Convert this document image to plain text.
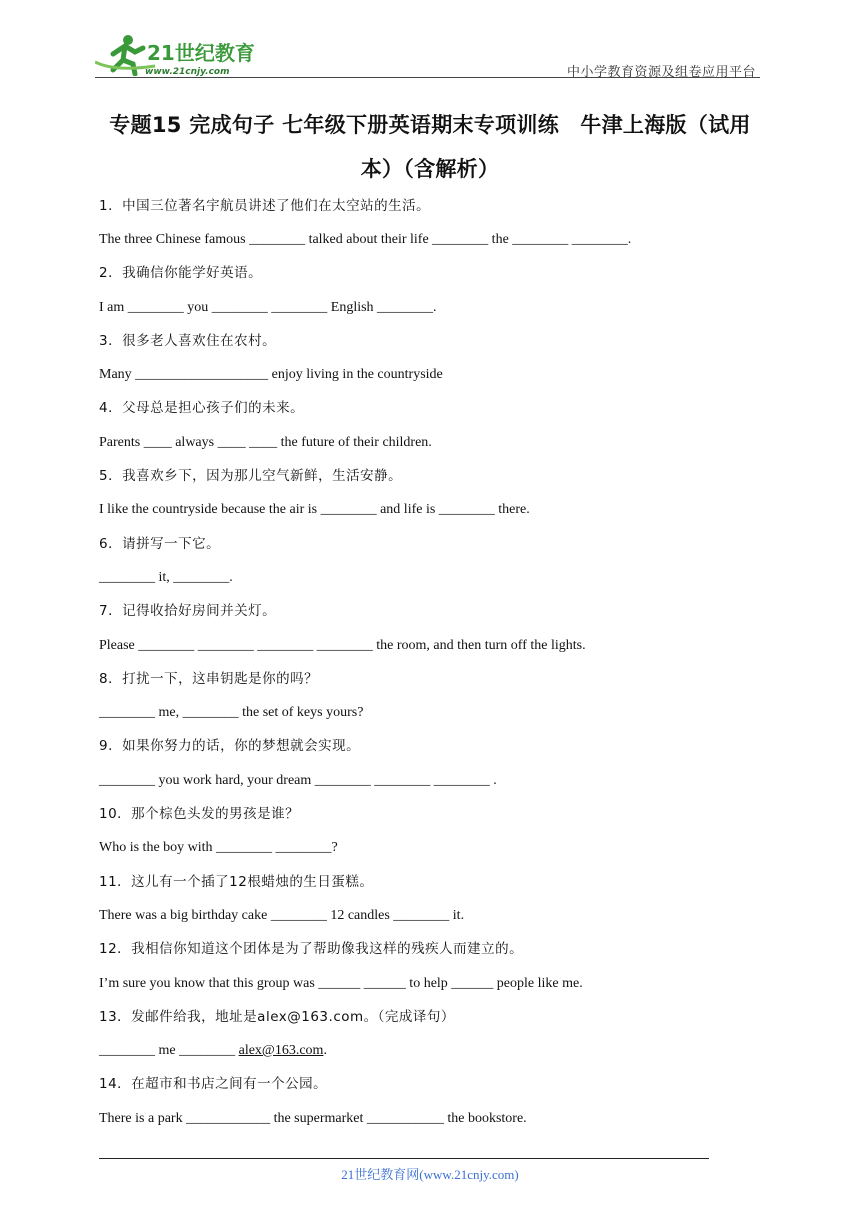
21世纪教育
www.21cnjy.com	中小学教育资源及组卷应用平台
专题15 完成句子 七年级下册英语期末专项训练　牛津上海版（试用
本）（含解析）
1．中国三位著名宇航员讲述了他们在太空站的生活。
The three Chinese famous ________ talked about their life ________ the ________ ________.
2．我确信你能学好英语。
I am ________ you ________ ________ English ________.
3．很多老人喜欢住在农村。
Many ___________________ enjoy living in the countryside
4．父母总是担心孩子们的未来。
Parents ____ always ____ ____ the future of their children.
5．我喜欢乡下，因为那儿空气新鲜，生活安静。
I like the countryside because the air is ________ and life is ________ there.
6．请拼写一下它。
________ it, ________.
7．记得收拾好房间并关灯。
Please ________ ________ ________ ________ the room, and then turn off the lights.
8．打扰一下，这串钥匙是你的吗？
________ me, ________ the set of keys yours?
9．如果你努力的话，你的梦想就会实现。
________ you work hard, your dream ________ ________ ________ .
10．那个棕色头发的男孩是谁？
Who is the boy with ________ ________?
11．这儿有一个插了12根蜡烛的生日蛋糕。
There was a big birthday cake ________ 12 candles ________ it.
12．我相信你知道这个团体是为了帮助像我这样的残疾人而建立的。
I’m sure you know that this group was ______ ______ to help ______ people like me.
13．发邮件给我，地址是alex@163.com。（完成译句）
________ me ________ alex@163.com.
14．在超市和书店之间有一个公园。
There is a park ____________ the supermarket ___________ the bookstore.
21世纪教育网(www.21cnjy.com)
